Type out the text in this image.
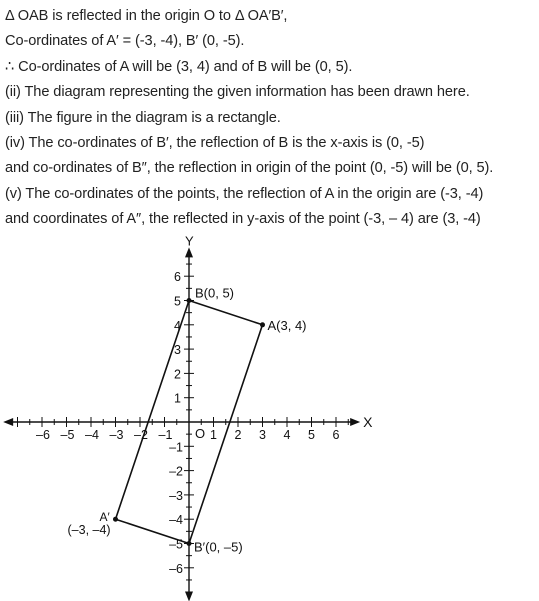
Δ OAB is reflected in the origin O to Δ OA′B′,
Co-ordinates of A′ = (-3, -4), B′ (0, -5).
∴ Co-ordinates of A will be (3, 4) and of B will be (0, 5).
(ii) The diagram representing the given information has been drawn here.
(iii) The figure in the diagram is a rectangle.
(iv) The co-ordinates of B′, the reflection of B is the x-axis is (0, -5)
and co-ordinates of B″, the reflection in origin of the point (0, -5) will be (0, 5).
(v) The co-ordinates of the points, the reflection of A in the origin are (-3, -4)
and coordinates of A″, the reflected in y-axis of the point (-3, – 4) are (3, -4)
X
Y
–6 –5 –4 –3 –2 –1	1 2 3 4 5 6
1
2
3
4
5
6
–1
–2
–3
–4
–5
–6
O
B(0, 5)
A(3, 4)
A′
(–3, –4)
B′(0, –5)
